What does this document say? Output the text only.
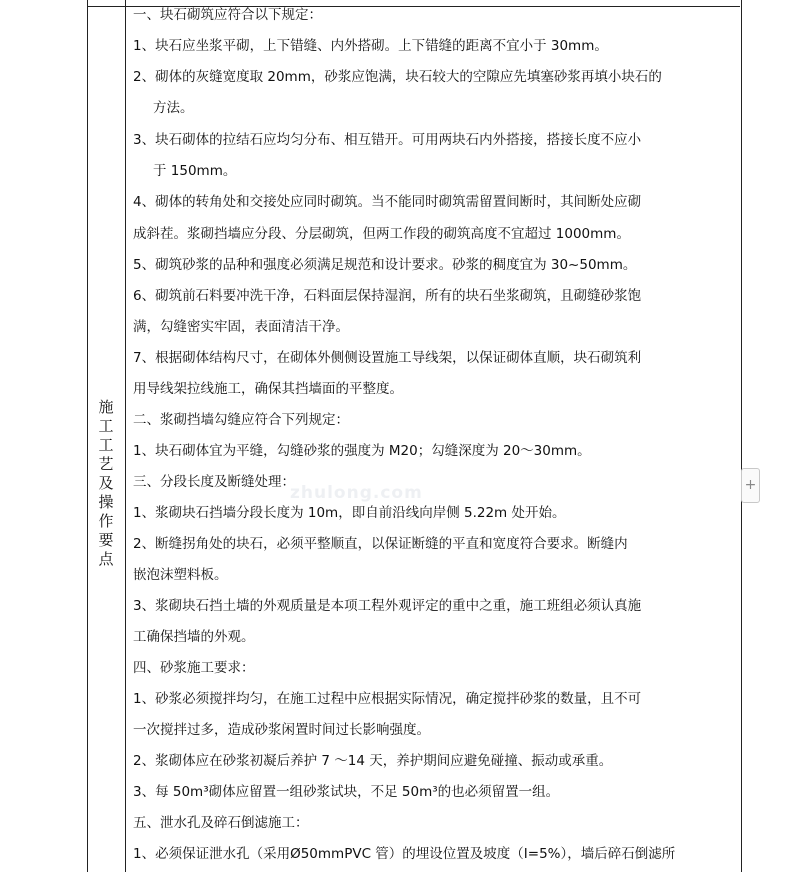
施工工艺及操作要点
zhulong.com
一、块石砌筑应符合以下规定：
1、块石应坐浆平砌，上下错缝、内外搭砌。上下错缝的距离不宜小于 30mm。
2、砌体的灰缝宽度取 20mm，砂浆应饱满，块石较大的空隙应先填塞砂浆再填小块石的
方法。
3、块石砌体的拉结石应均匀分布、相互错开。可用两块石内外搭接，搭接长度不应小
于 150mm。
4、砌体的转角处和交接处应同时砌筑。当不能同时砌筑需留置间断时，其间断处应砌
成斜茬。浆砌挡墙应分段、分层砌筑，但两工作段的砌筑高度不宜超过 1000mm。
5、砌筑砂浆的品种和强度必须满足规范和设计要求。砂浆的稠度宜为 30~50mm。
6、砌筑前石料要冲洗干净，石料面层保持湿润，所有的块石坐浆砌筑，且砌缝砂浆饱
满，勾缝密实牢固，表面清洁干净。
7、根据砌体结构尺寸，在砌体外侧侧设置施工导线架，以保证砌体直顺，块石砌筑利
用导线架拉线施工，确保其挡墙面的平整度。
二、浆砌挡墙勾缝应符合下列规定：
1、块石砌体宜为平缝，勾缝砂浆的强度为 M20；勾缝深度为 20～30mm。
三、分段长度及断缝处理：
1、浆砌块石挡墙分段长度为 10m，即自前沿线向岸侧 5.22m 处开始。
2、断缝拐角处的块石，必须平整顺直，以保证断缝的平直和宽度符合要求。断缝内
嵌泡沫塑料板。
3、浆砌块石挡土墙的外观质量是本项工程外观评定的重中之重，施工班组必须认真施
工确保挡墙的外观。
四、砂浆施工要求：
1、砂浆必须搅拌均匀，在施工过程中应根据实际情况，确定搅拌砂浆的数量，且不可
一次搅拌过多，造成砂浆闲置时间过长影响强度。
2、浆砌体应在砂浆初凝后养护 7 ～14 天，养护期间应避免碰撞、振动或承重。
3、每 50m³砌体应留置一组砂浆试块，不足 50m³的也必须留置一组。
五、泄水孔及碎石倒滤施工：
1、必须保证泄水孔（采用Ø50mmPVC 管）的埋设位置及坡度（I=5%），墙后碎石倒滤所
+
